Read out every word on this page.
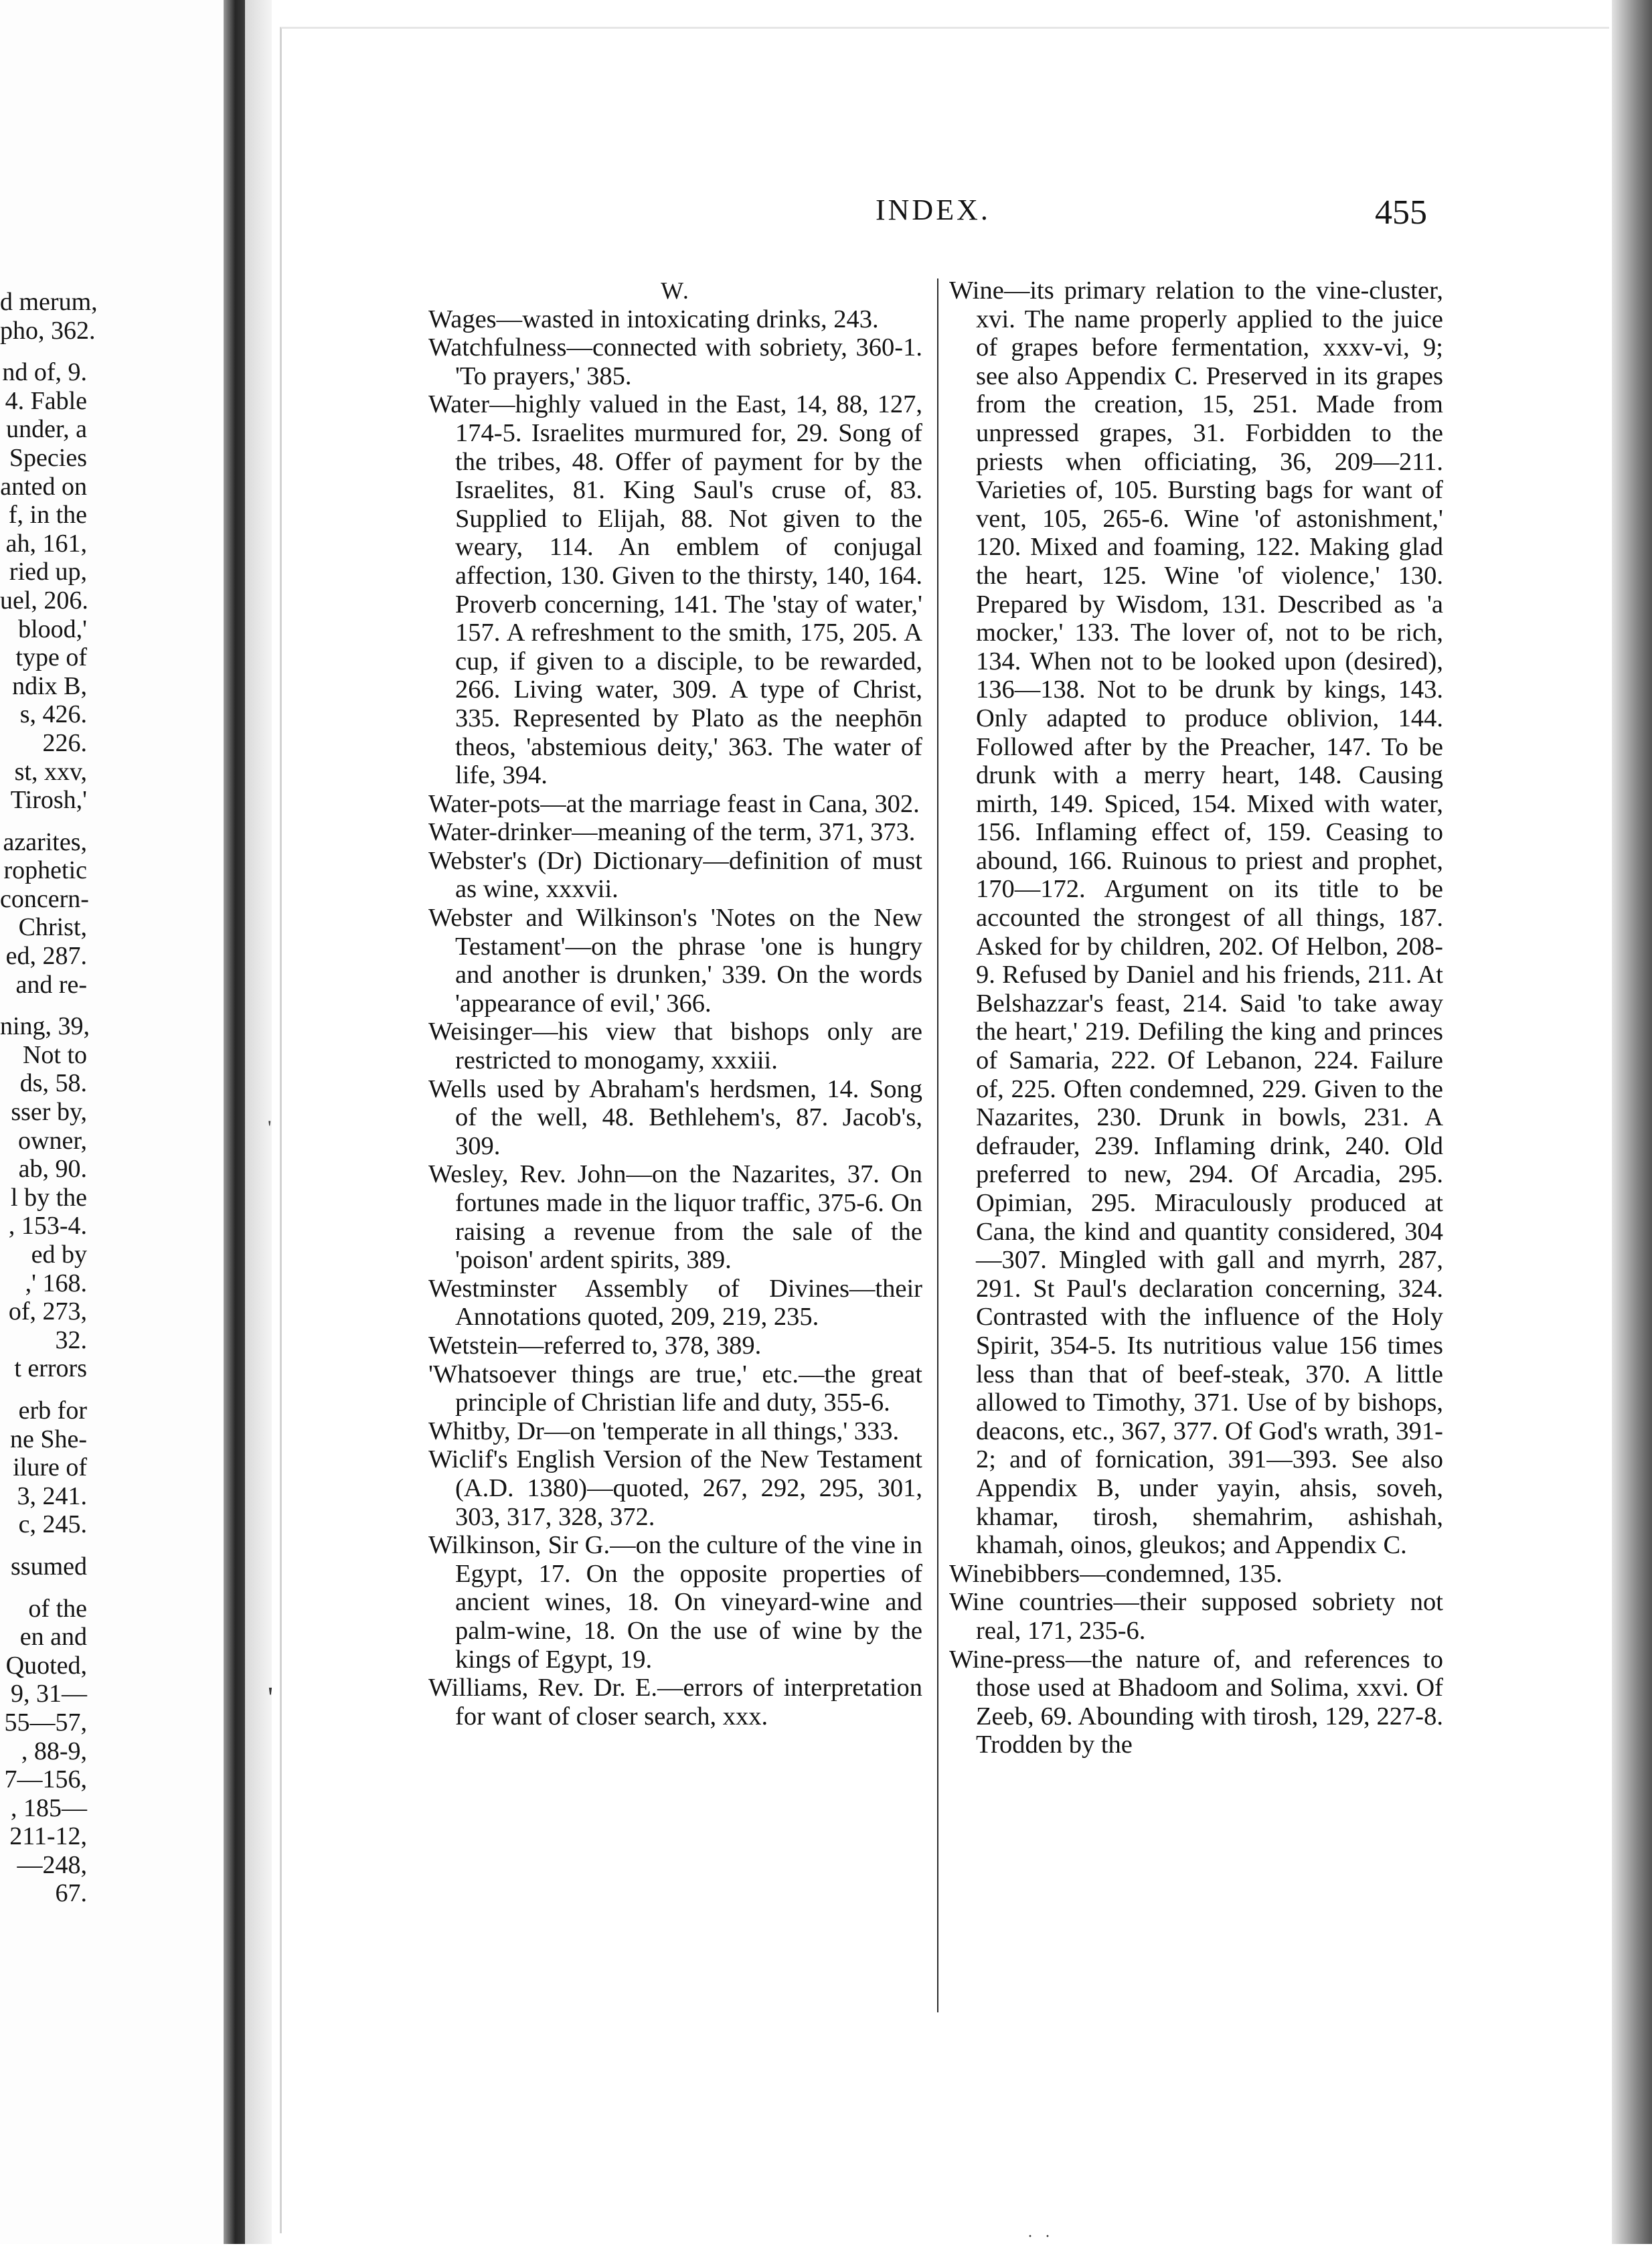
d merum,
pho, 362.
nd of, 9.
4. Fable
under, a
Species
anted on
f, in the
ah, 161,
ried up,
uel, 206.
blood,'
type of
ndix B,
s, 426.
226.
st, xxv,
Tirosh,'
azarites,
rophetic
concern-
Christ,
ed, 287.
and re-
ning, 39,
Not to
ds, 58.
sser by,
owner,
ab, 90.
l by the
, 153-4.
ed by
,' 168.
of, 273,
32.
t errors
erb for
ne She-
ilure of
3, 241.
c, 245.
ssumed
of the
en and
Quoted,
9, 31—
55—57,
, 88-9,
7—156,
, 185—
211-12,
—248,
67.
'
'
INDEX.	455
W.

Wages—wasted in intoxicating drinks, 243.

Watchfulness—connected with sobriety, 360-1. 'To prayers,' 385.

Water—highly valued in the East, 14, 88, 127, 174-5. Israelites murmured for, 29. Song of the tribes, 48. Offer of payment for by the Israelites, 81. King Saul's cruse of, 83. Supplied to Elijah, 88. Not given to the weary, 114. An emblem of conjugal affection, 130. Given to the thirsty, 140, 164. Proverb concerning, 141. The 'stay of water,' 157. A refreshment to the smith, 175, 205. A cup, if given to a disciple, to be rewarded, 266. Living water, 309. A type of Christ, 335. Represented by Plato as the neephōn theos, 'abstemious deity,' 363. The water of life, 394.

Water-pots—at the marriage feast in Cana, 302.

Water-drinker—meaning of the term, 371, 373.

Webster's (Dr) Dictionary—definition of must as wine, xxxvii.

Webster and Wilkinson's 'Notes on the New Testament'—on the phrase 'one is hungry and another is drunken,' 339. On the words 'appearance of evil,' 366.

Weisinger—his view that bishops only are restricted to monogamy, xxxiii.

Wells used by Abraham's herdsmen, 14. Song of the well, 48. Bethlehem's, 87. Jacob's, 309.

Wesley, Rev. John—on the Nazarites, 37. On fortunes made in the liquor traffic, 375-6. On raising a revenue from the sale of the 'poison' ardent spirits, 389.

Westminster Assembly of Divines—their Annotations quoted, 209, 219, 235.

Wetstein—referred to, 378, 389.

'Whatsoever things are true,' etc.—the great principle of Christian life and duty, 355-6.

Whitby, Dr—on 'temperate in all things,' 333.

Wiclif's English Version of the New Testament (A.D. 1380)—quoted, 267, 292, 295, 301, 303, 317, 328, 372.

Wilkinson, Sir G.—on the culture of the vine in Egypt, 17. On the opposite properties of ancient wines, 18. On vineyard-wine and palm-wine, 18. On the use of wine by the kings of Egypt, 19.

Williams, Rev. Dr. E.—errors of interpretation for want of closer search, xxx.

Wine—its primary relation to the vine-cluster, xvi. The name properly applied to the juice of grapes before fermentation, xxxv-vi, 9; see also Appendix C. Preserved in its grapes from the creation, 15, 251. Made from unpressed grapes, 31. Forbidden to the priests when officiating, 36, 209—211. Varieties of, 105. Bursting bags for want of vent, 105, 265-6. Wine 'of astonishment,' 120. Mixed and foaming, 122. Making glad the heart, 125. Wine 'of violence,' 130. Prepared by Wisdom, 131. Described as 'a mocker,' 133. The lover of, not to be rich, 134. When not to be looked upon (desired), 136—138. Not to be drunk by kings, 143. Only adapted to produce oblivion, 144. Followed after by the Preacher, 147. To be drunk with a merry heart, 148. Causing mirth, 149. Spiced, 154. Mixed with water, 156. Inflaming effect of, 159. Ceasing to abound, 166. Ruinous to priest and prophet, 170—172. Argument on its title to be accounted the strongest of all things, 187. Asked for by children, 202. Of Helbon, 208-9. Refused by Daniel and his friends, 211. At Belshazzar's feast, 214. Said 'to take away the heart,' 219. Defiling the king and princes of Samaria, 222. Of Lebanon, 224. Failure of, 225. Often condemned, 229. Given to the Nazarites, 230. Drunk in bowls, 231. A defrauder, 239. Inflaming drink, 240. Old preferred to new, 294. Of Arcadia, 295. Opimian, 295. Miraculously produced at Cana, the kind and quantity considered, 304—307. Mingled with gall and myrrh, 287, 291. St Paul's declaration concerning, 324. Contrasted with the influence of the Holy Spirit, 354-5. Its nutritious value 156 times less than that of beef-steak, 370. A little allowed to Timothy, 371. Use of by bishops, deacons, etc., 367, 377. Of God's wrath, 391-2; and of fornication, 391—393. See also Appendix B, under yayin, ahsis, soveh, khamar, tirosh, shemahrim, ashishah, khamah, oinos, gleukos; and Appendix C.

Winebibbers—condemned, 135.

Wine countries—their supposed sobriety not real, 171, 235-6.

Wine-press—the nature of, and references to those used at Bhadoom and Solima, xxvi. Of Zeeb, 69. Abounding with tirosh, 129, 227-8. Trodden by the

· ·
